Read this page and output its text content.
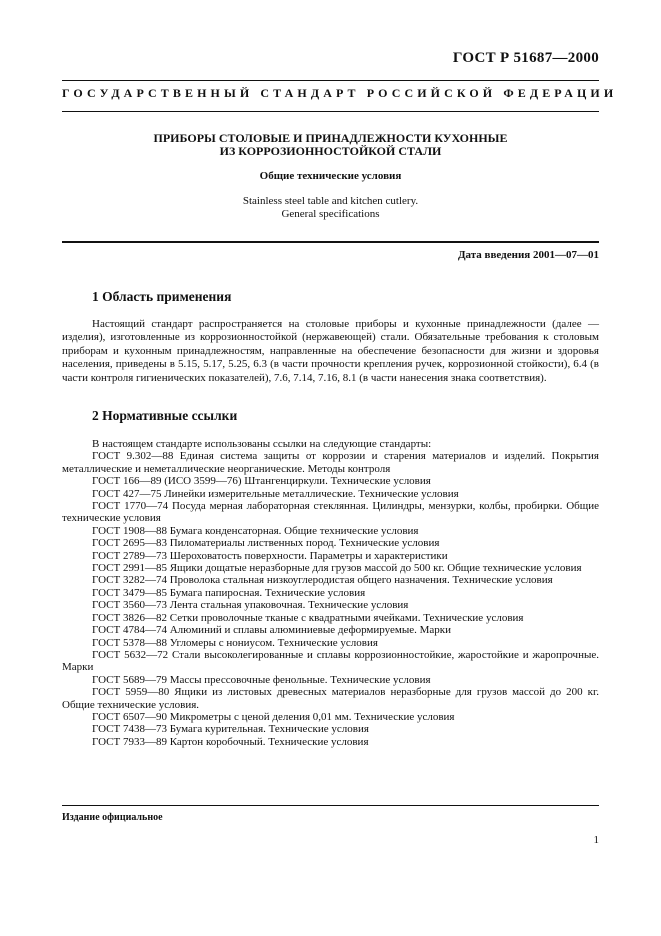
ГОСТ Р 51687—2000
ГОСУДАРСТВЕННЫЙ СТАНДАРТ РОССИЙСКОЙ ФЕДЕРАЦИИ
ПРИБОРЫ СТОЛОВЫЕ И ПРИНАДЛЕЖНОСТИ КУХОННЫЕ
ИЗ КОРРОЗИОННОСТОЙКОЙ СТАЛИ
Общие технические условия
Stainless steel table and kitchen cutlery.
General specifications
Дата введения 2001—07—01
1 Область применения

Настоящий стандарт распространяется на столовые приборы и кухонные принадлежности (далее — изделия), изготовленные из коррозионностойкой (нержавеющей) стали. Обязательные требования к столовым приборам и кухонным принадлежностям, направленные на обеспечение безопасности для жизни и здоровья населения, приведены в 5.15, 5.17, 5.25, 6.3 (в части прочности крепления ручек, коррозионной стойкости), 6.4 (в части контроля гигиенических показателей), 7.6, 7.14, 7.16, 8.1 (в части нанесения знака соответствия).

2 Нормативные ссылки
В настоящем стандарте использованы ссылки на следующие стандарты:
ГОСТ 9.302—88 Единая система защиты от коррозии и старения материалов и изделий. Покрытия металлические и неметаллические неорганические. Методы контроля
ГОСТ 166—89 (ИСО 3599—76) Штангенциркули. Технические условия
ГОСТ 427—75 Линейки измерительные металлические. Технические условия
ГОСТ 1770—74 Посуда мерная лабораторная стеклянная. Цилиндры, мензурки, колбы, пробирки. Общие технические условия
ГОСТ 1908—88 Бумага конденсаторная. Общие технические условия
ГОСТ 2695—83 Пиломатериалы лиственных пород. Технические условия
ГОСТ 2789—73 Шероховатость поверхности. Параметры и характеристики
ГОСТ 2991—85 Ящики дощатые неразборные для грузов массой до 500 кг. Общие технические условия
ГОСТ 3282—74 Проволока стальная низкоуглеродистая общего назначения. Технические условия
ГОСТ 3479—85 Бумага папиросная. Технические условия
ГОСТ 3560—73 Лента стальная упаковочная. Технические условия
ГОСТ 3826—82 Сетки проволочные тканые с квадратными ячейками. Технические условия
ГОСТ 4784—74 Алюминий и сплавы алюминиевые деформируемые. Марки
ГОСТ 5378—88 Угломеры с нониусом. Технические условия
ГОСТ 5632—72 Стали высоколегированные и сплавы коррозионностойкие, жаростойкие и жаропрочные. Марки
ГОСТ 5689—79 Массы прессовочные фенольные. Технические условия
ГОСТ 5959—80 Ящики из листовых древесных материалов неразборные для грузов массой до 200 кг. Общие технические условия.
ГОСТ 6507—90 Микрометры с ценой деления 0,01 мм. Технические условия
ГОСТ 7438—73 Бумага курительная. Технические условия
ГОСТ 7933—89 Картон коробочный. Технические условия
Издание официальное
1
